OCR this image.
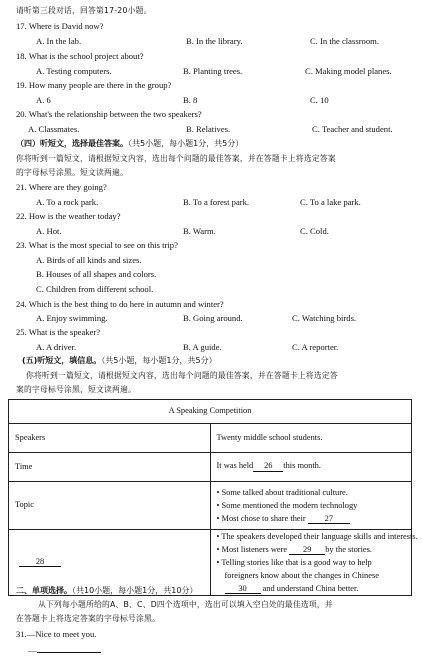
请听第三段对话，回答第17-20小题。
17. Where is David now?
A. In the lab.	B. In the library.	C. In the classroom.
18. What is the school project about?
A. Testing computers.	B. Planting trees.	C. Making model planes.
19. How many people are there in the group?
A. 6	B. 8	C. 10
20. What's the relationship between the two speakers?
A. Classmates.	B. Relatives.	C. Teacher and student.
（四）听短文，选择最佳答案。（共5小题，每小题1分，共5分）
你将听到一篇短文，请根据短文内容，选出每个问题的最佳答案，并在答题卡上将选定答案
的字母标号涂黑。短文读两遍。
21. Where are they going?
A. To a rock park.	B. To a forest park.	C. To a lake park.
22. How is the weather today?
A. Hot.	B. Warm.	C. Cold.
23. What is the most special to see on this trip?
A. Birds of all kinds and sizes.
B. Houses of all shapes and colors.
C. Children from different school.
24. Which is the best thing to do here in autumn and winter?
A. Enjoy swimming.	B. Going around.	C. Watching birds.
25. What is the speaker?
A. A driver.	B. A guide.	C. A reporter.
(五)听短文，填信息。（共5小题，每小题1分，共5分）
你将听到一篇短文，请根据短文内容，选出每个问题的最佳答案，并在答题卡上将选定答
案的字母标号涂黑，短文读两遍。
A Speaking Competition	
Speakers	Twenty middle school students.
Time	It was held 26 this month.
Topic	• Some talked about traditional culture.
• Some mentioned the modern technology
• Most chose to share their 27

28	• The speakers developed their language skills and interests.
• Most listeners were 29 by the stories.
• Telling stories like that is a good way to help foreigners know about the changes in Chinese 30 and understand China better.
二、单项选择。（共10小题，每小题1分，共10分）
从下列每小题所给的A、B、C、D四个选项中，选出可以填入空白处的最佳选项，并
在答题卡上将选定答案的字母标号涂黑。
31.—Nice to meet you.
—
